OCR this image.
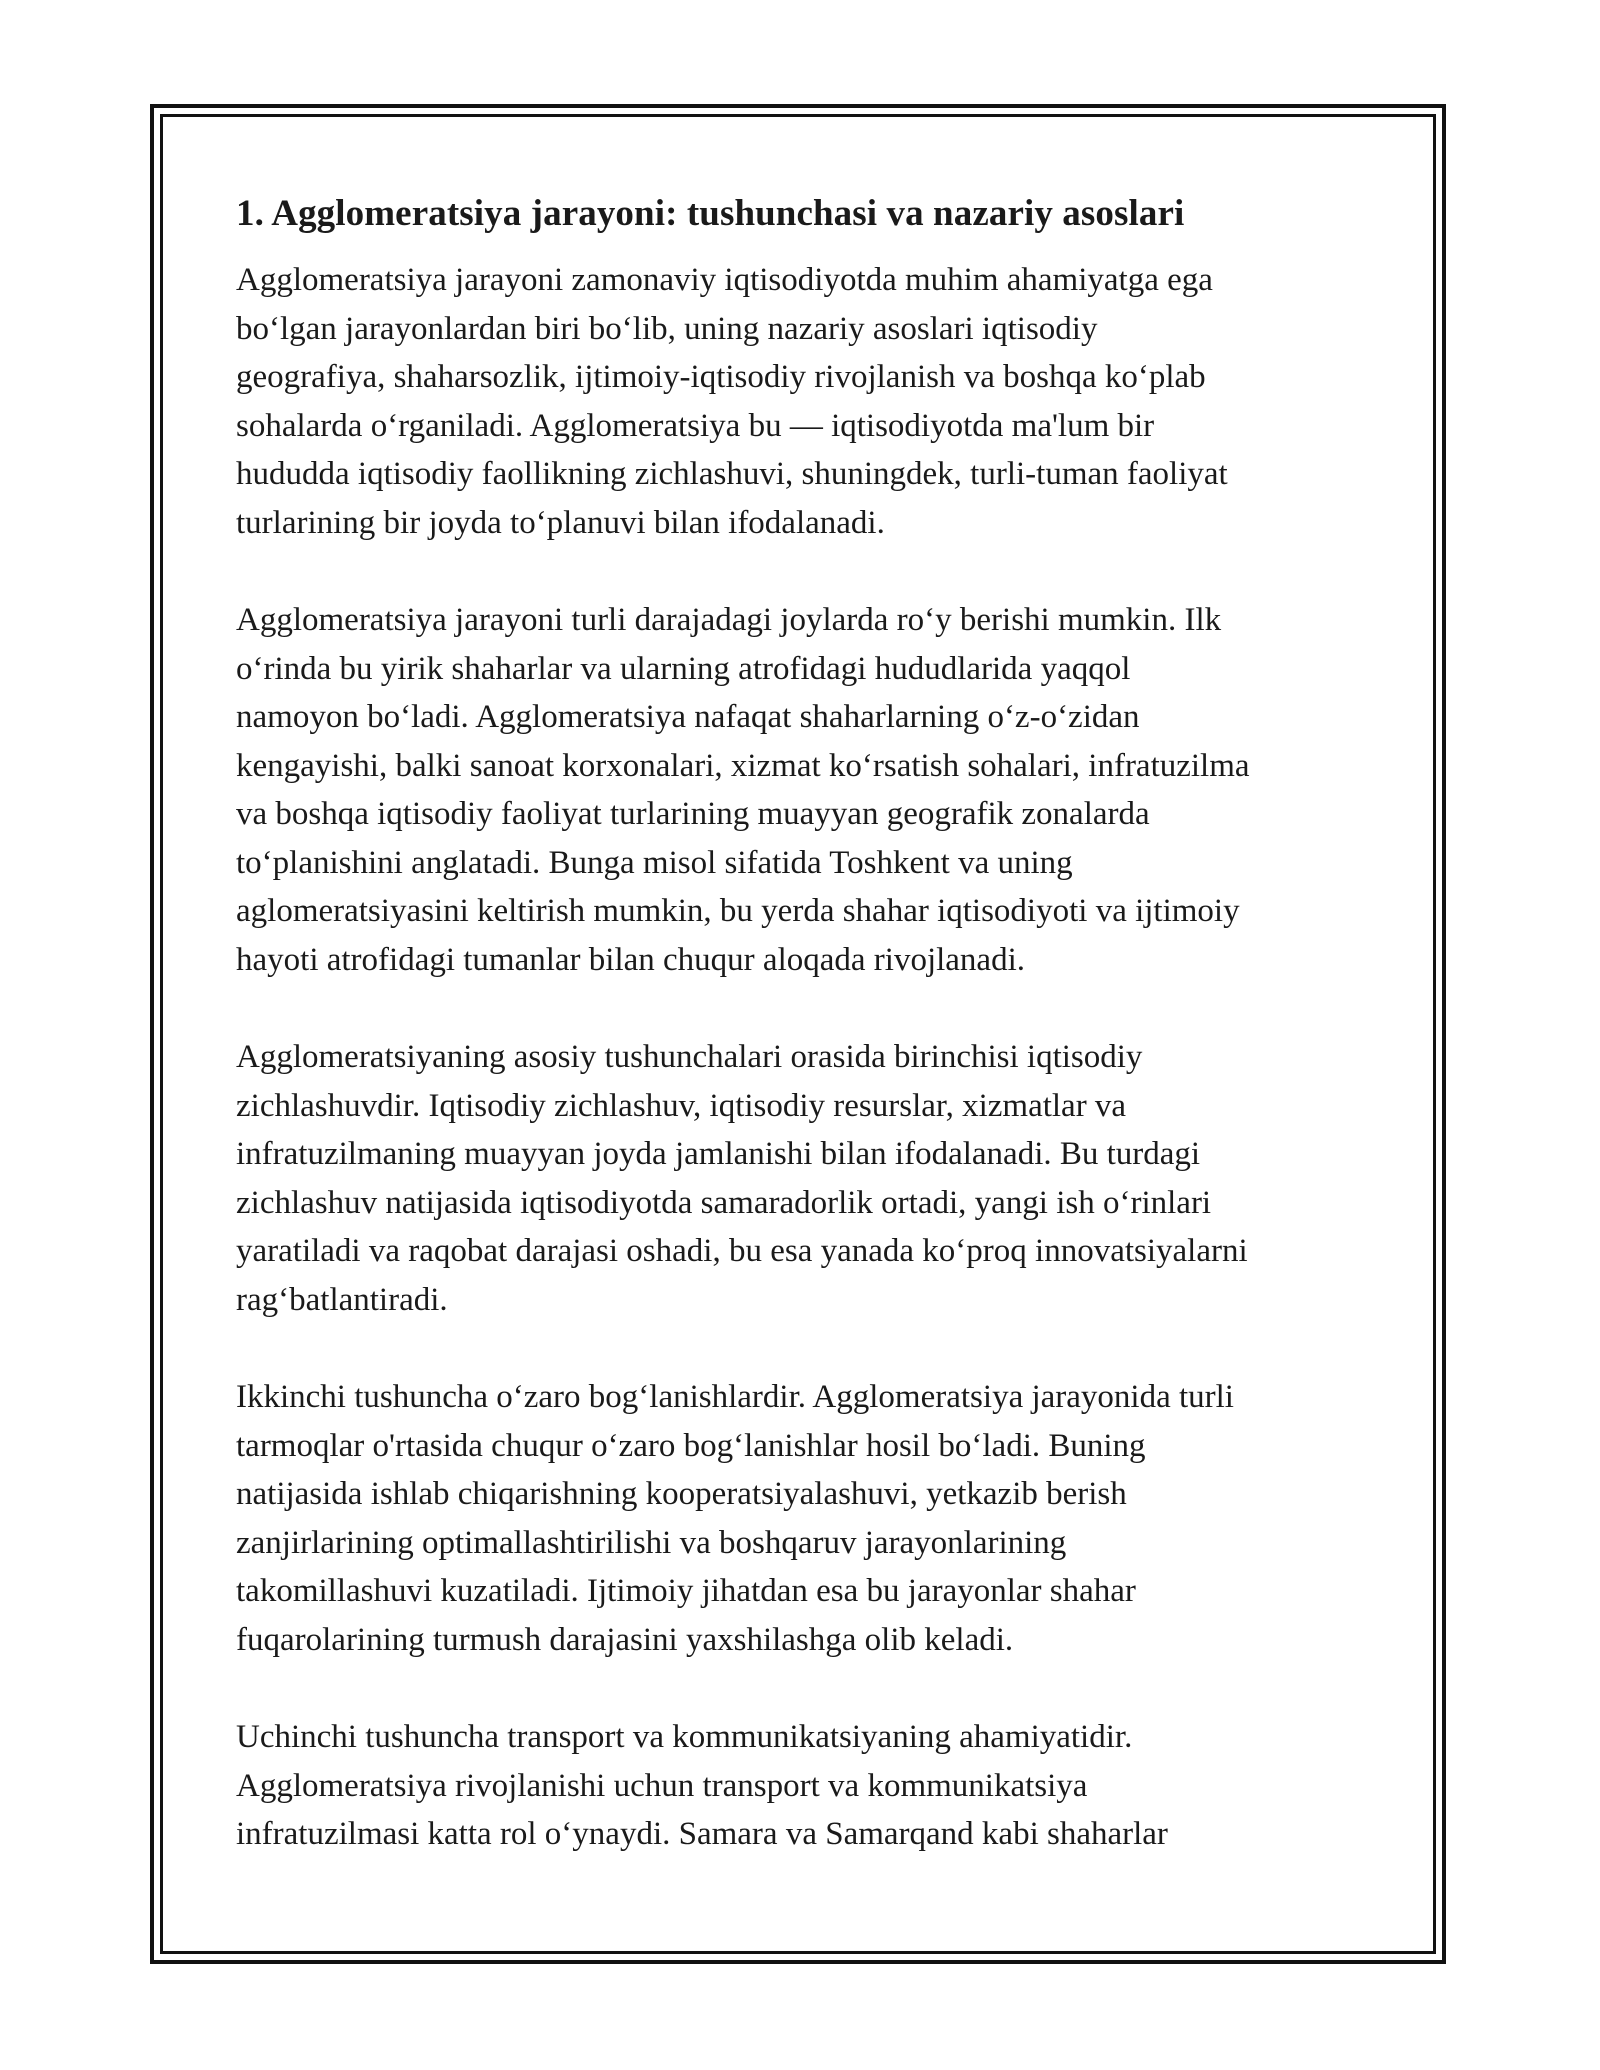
1. Agglomeratsiya jarayoni: tushunchasi va nazariy asoslari

Agglomeratsiya jarayoni zamonaviy iqtisodiyotda muhim ahamiyatga ega
bo‘lgan jarayonlardan biri bo‘lib, uning nazariy asoslari iqtisodiy
geografiya, shaharsozlik, ijtimoiy-iqtisodiy rivojlanish va boshqa ko‘plab
sohalarda o‘rganiladi. Agglomeratsiya bu — iqtisodiyotda ma'lum bir
hududda iqtisodiy faollikning zichlashuvi, shuningdek, turli-tuman faoliyat
turlarining bir joyda to‘planuvi bilan ifodalanadi.

Agglomeratsiya jarayoni turli darajadagi joylarda ro‘y berishi mumkin. Ilk
o‘rinda bu yirik shaharlar va ularning atrofidagi hududlarida yaqqol
namoyon bo‘ladi. Agglomeratsiya nafaqat shaharlarning o‘z-o‘zidan
kengayishi, balki sanoat korxonalari, xizmat ko‘rsatish sohalari, infratuzilma
va boshqa iqtisodiy faoliyat turlarining muayyan geografik zonalarda
to‘planishini anglatadi. Bunga misol sifatida Toshkent va uning
aglomeratsiyasini keltirish mumkin, bu yerda shahar iqtisodiyoti va ijtimoiy
hayoti atrofidagi tumanlar bilan chuqur aloqada rivojlanadi.

Agglomeratsiyaning asosiy tushunchalari orasida birinchisi iqtisodiy
zichlashuvdir. Iqtisodiy zichlashuv, iqtisodiy resurslar, xizmatlar va
infratuzilmaning muayyan joyda jamlanishi bilan ifodalanadi. Bu turdagi
zichlashuv natijasida iqtisodiyotda samaradorlik ortadi, yangi ish o‘rinlari
yaratiladi va raqobat darajasi oshadi, bu esa yanada ko‘proq innovatsiyalarni
rag‘batlantiradi.

Ikkinchi tushuncha o‘zaro bog‘lanishlardir. Agglomeratsiya jarayonida turli
tarmoqlar o'rtasida chuqur o‘zaro bog‘lanishlar hosil bo‘ladi. Buning
natijasida ishlab chiqarishning kooperatsiyalashuvi, yetkazib berish
zanjirlarining optimallashtirilishi va boshqaruv jarayonlarining
takomillashuvi kuzatiladi. Ijtimoiy jihatdan esa bu jarayonlar shahar
fuqarolarining turmush darajasini yaxshilashga olib keladi.

Uchinchi tushuncha transport va kommunikatsiyaning ahamiyatidir.
Agglomeratsiya rivojlanishi uchun transport va kommunikatsiya
infratuzilmasi katta rol o‘ynaydi. Samara va Samarqand kabi shaharlar
